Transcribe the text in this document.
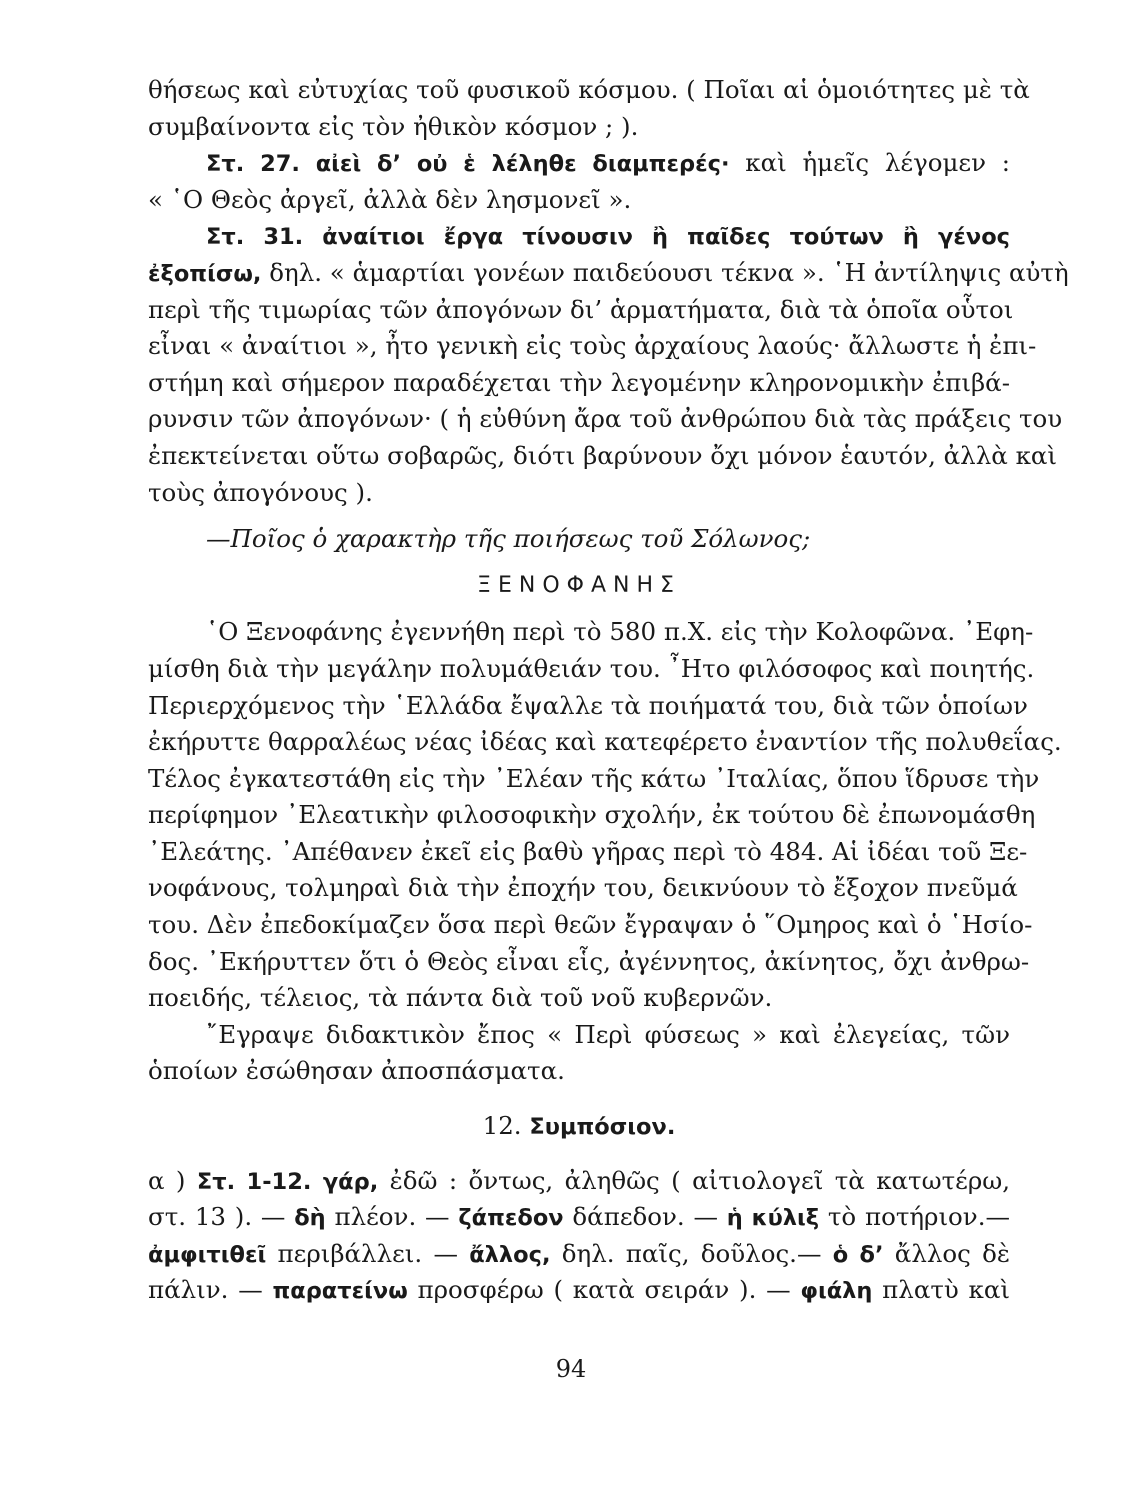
θήσεως καὶ εὐτυχίας τοῦ φυσικοῦ κόσμου. ( Ποῖαι αἱ ὁμοιότητες μὲ τὰ
συμβαίνοντα εἰς τὸν ἠθικὸν κόσμον ; ).
Στ. 27. αἰεὶ δ’ οὐ ἑ λέληθε διαμπερές· καὶ ἡμεῖς λέγομεν :
« ῾Ο Θεὸς ἀργεῖ, ἀλλὰ δὲν λησμονεῖ ».
Στ. 31. ἀναίτιοι ἔργα τίνουσιν ἢ παῖδες τούτων ἢ γένος
ἐξοπίσω, δηλ. « ἁμαρτίαι γονέων παιδεύουσι τέκνα ». ῾Η ἀντίληψις αὐτὴ
περὶ τῆς τιμωρίας τῶν ἀπογόνων δι’ ἁρματήματα, διὰ τὰ ὁποῖα οὗτοι
εἶναι « ἀναίτιοι », ἦτο γενικὴ εἰς τοὺς ἀρχαίους λαούς· ἄλλωστε ἡ ἐπι-
στήμη καὶ σήμερον παραδέχεται τὴν λεγομένην κληρονομικὴν ἐπιβά-
ρυνσιν τῶν ἀπογόνων· ( ἡ εὐθύνη ἄρα τοῦ ἀνθρώπου διὰ τὰς πράξεις του
ἐπεκτείνεται οὕτω σοβαρῶς, διότι βαρύνουν ὄχι μόνον ἑαυτόν, ἀλλὰ καὶ
τοὺς ἀπογόνους ).
—Ποῖος ὁ χαρακτὴρ τῆς ποιήσεως τοῦ Σόλωνος;
ΞΕΝΟΦΑΝΗΣ
῾Ο Ξενοφάνης ἐγεννήθη περὶ τὸ 580 π.Χ. εἰς τὴν Κολοφῶνα. ᾿Εφη-
μίσθη διὰ τὴν μεγάλην πολυμάθειάν του. ῏Ητο φιλόσοφος καὶ ποιητής.
Περιερχόμενος τὴν ῾Ελλάδα ἔψαλλε τὰ ποιήματά του, διὰ τῶν ὁποίων
ἐκήρυττε θαρραλέως νέας ἰδέας καὶ κατεφέρετο ἐναντίον τῆς πολυθεΐας.
Τέλος ἐγκατεστάθη εἰς τὴν ᾿Ελέαν τῆς κάτω ᾿Ιταλίας, ὅπου ἵδρυσε τὴν
περίφημον ᾿Ελεατικὴν φιλοσοφικὴν σχολήν, ἐκ τούτου δὲ ἐπωνομάσθη
᾿Ελεάτης. ᾿Απέθανεν ἐκεῖ εἰς βαθὺ γῆρας περὶ τὸ 484. Αἱ ἰδέαι τοῦ Ξε-
νοφάνους, τολμηραὶ διὰ τὴν ἐποχήν του, δεικνύουν τὸ ἔξοχον πνεῦμά
του. Δὲν ἐπεδοκίμαζεν ὅσα περὶ θεῶν ἔγραψαν ὁ ῞Ομηρος καὶ ὁ ῾Ησίο-
δος. ᾿Εκήρυττεν ὅτι ὁ Θεὸς εἶναι εἷς, ἀγέννητος, ἀκίνητος, ὄχι ἀνθρω-
ποειδής, τέλειος, τὰ πάντα διὰ τοῦ νοῦ κυβερνῶν.
῎Εγραψε διδακτικὸν ἔπος « Περὶ φύσεως » καὶ ἐλεγείας, τῶν
ὁποίων ἐσώθησαν ἀποσπάσματα.
12. Συμπόσιον.
α ) Στ. 1-12. γάρ, ἐδῶ : ὄντως, ἀληθῶς ( αἰτιολογεῖ τὰ κατωτέρω,
στ. 13 ). — δὴ πλέον. — ζάπεδον δάπεδον. — ἡ κύλιξ τὸ ποτήριον.—
ἀμφιτιθεῖ περιβάλλει. — ἄλλος, δηλ. παῖς, δοῦλος.— ὁ δ’ ἄλλος δὲ
πάλιν. — παρατείνω προσφέρω ( κατὰ σειράν ). — φιάλη πλατὺ καὶ
94
